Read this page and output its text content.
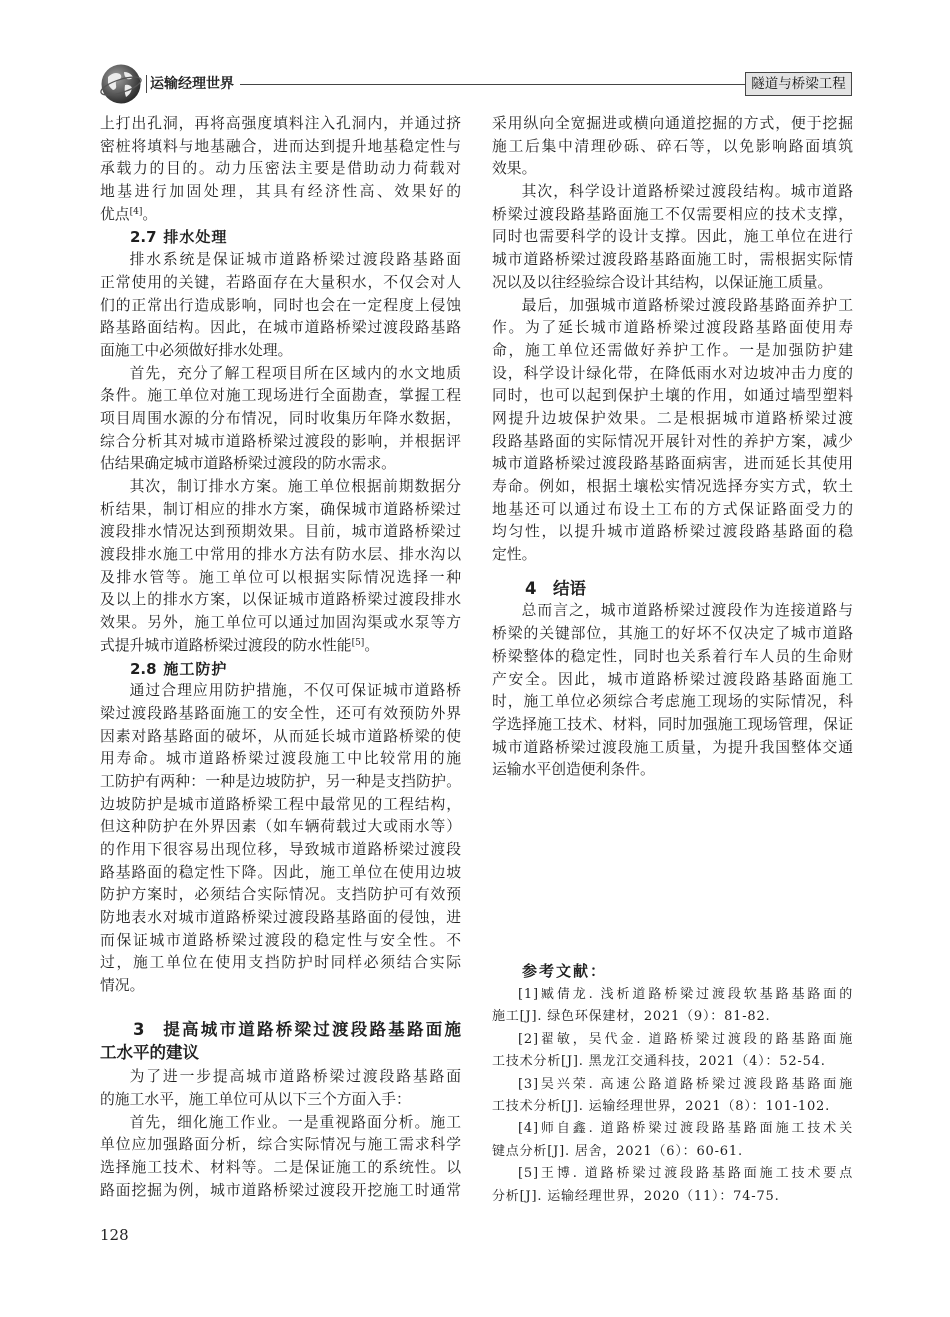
运输经理世界	隧道与桥梁工程
上打出孔洞，再将高强度填料注入孔洞内，并通过挤
密桩将填料与地基融合，进而达到提升地基稳定性与
承载力的目的。动力压密法主要是借助动力荷载对
地基进行加固处理，其具有经济性高、效果好的
优点[4]。
2.7 排水处理
排水系统是保证城市道路桥梁过渡段路基路面
正常使用的关键，若路面存在大量积水，不仅会对人
们的正常出行造成影响，同时也会在一定程度上侵蚀
路基路面结构。因此，在城市道路桥梁过渡段路基路
面施工中必须做好排水处理。
首先，充分了解工程项目所在区域内的水文地质
条件。施工单位对施工现场进行全面勘查，掌握工程
项目周围水源的分布情况，同时收集历年降水数据，
综合分析其对城市道路桥梁过渡段的影响，并根据评
估结果确定城市道路桥梁过渡段的防水需求。
其次，制订排水方案。施工单位根据前期数据分
析结果，制订相应的排水方案，确保城市道路桥梁过
渡段排水情况达到预期效果。目前，城市道路桥梁过
渡段排水施工中常用的排水方法有防水层、排水沟以
及排水管等。施工单位可以根据实际情况选择一种
及以上的排水方案，以保证城市道路桥梁过渡段排水
效果。另外，施工单位可以通过加固沟渠或水泵等方
式提升城市道路桥梁过渡段的防水性能[5]。
2.8 施工防护
通过合理应用防护措施，不仅可保证城市道路桥
梁过渡段路基路面施工的安全性，还可有效预防外界
因素对路基路面的破坏，从而延长城市道路桥梁的使
用寿命。城市道路桥梁过渡段施工中比较常用的施
工防护有两种：一种是边坡防护，另一种是支挡防护。
边坡防护是城市道路桥梁工程中最常见的工程结构，
但这种防护在外界因素（如车辆荷载过大或雨水等）
的作用下很容易出现位移，导致城市道路桥梁过渡段
路基路面的稳定性下降。因此，施工单位在使用边坡
防护方案时，必须结合实际情况。支挡防护可有效预
防地表水对城市道路桥梁过渡段路基路面的侵蚀，进
而保证城市道路桥梁过渡段的稳定性与安全性。不
过，施工单位在使用支挡防护时同样必须结合实际
情况。
3 提高城市道路桥梁过渡段路基路面施
工水平的建议
为了进一步提高城市道路桥梁过渡段路基路面
的施工水平，施工单位可从以下三个方面入手：
首先，细化施工作业。一是重视路面分析。施工
单位应加强路面分析，综合实际情况与施工需求科学
选择施工技术、材料等。二是保证施工的系统性。以
路面挖掘为例，城市道路桥梁过渡段开挖施工时通常
采用纵向全宽掘进或横向通道挖掘的方式，便于挖掘
施工后集中清理砂砾、碎石等，以免影响路面填筑
效果。
其次，科学设计道路桥梁过渡段结构。城市道路
桥梁过渡段路基路面施工不仅需要相应的技术支撑，
同时也需要科学的设计支撑。因此，施工单位在进行
城市道路桥梁过渡段路基路面施工时，需根据实际情
况以及以往经验综合设计其结构，以保证施工质量。
最后，加强城市道路桥梁过渡段路基路面养护工
作。为了延长城市道路桥梁过渡段路基路面使用寿
命，施工单位还需做好养护工作。一是加强防护建
设，科学设计绿化带，在降低雨水对边坡冲击力度的
同时，也可以起到保护土壤的作用，如通过墙型塑料
网提升边坡保护效果。二是根据城市道路桥梁过渡
段路基路面的实际情况开展针对性的养护方案，减少
城市道路桥梁过渡段路基路面病害，进而延长其使用
寿命。例如，根据土壤松实情况选择夯实方式，软土
地基还可以通过布设土工布的方式保证路面受力的
均匀性，以提升城市道路桥梁过渡段路基路面的稳
定性。
4 结语
总而言之，城市道路桥梁过渡段作为连接道路与
桥梁的关键部位，其施工的好坏不仅决定了城市道路
桥梁整体的稳定性，同时也关系着行车人员的生命财
产安全。因此，城市道路桥梁过渡段路基路面施工
时，施工单位必须综合考虑施工现场的实际情况，科
学选择施工技术、材料，同时加强施工现场管理，保证
城市道路桥梁过渡段施工质量，为提升我国整体交通
运输水平创造便利条件。
参考文献：
[1]臧倩龙. 浅析道路桥梁过渡段软基路基路面的
施工[J]. 绿色环保建材，2021（9）：81-82.
[2]翟敏，吴代金. 道路桥梁过渡段的路基路面施
工技术分析[J]. 黑龙江交通科技，2021（4）：52-54.
[3]吴兴荣. 高速公路道路桥梁过渡段路基路面施
工技术分析[J]. 运输经理世界，2021（8）：101-102.
[4]师自鑫. 道路桥梁过渡段路基路面施工技术关
键点分析[J]. 居舍，2021（6）：60-61.
[5]王博. 道路桥梁过渡段路基路面施工技术要点
分析[J]. 运输经理世界，2020（11）：74-75.
128
